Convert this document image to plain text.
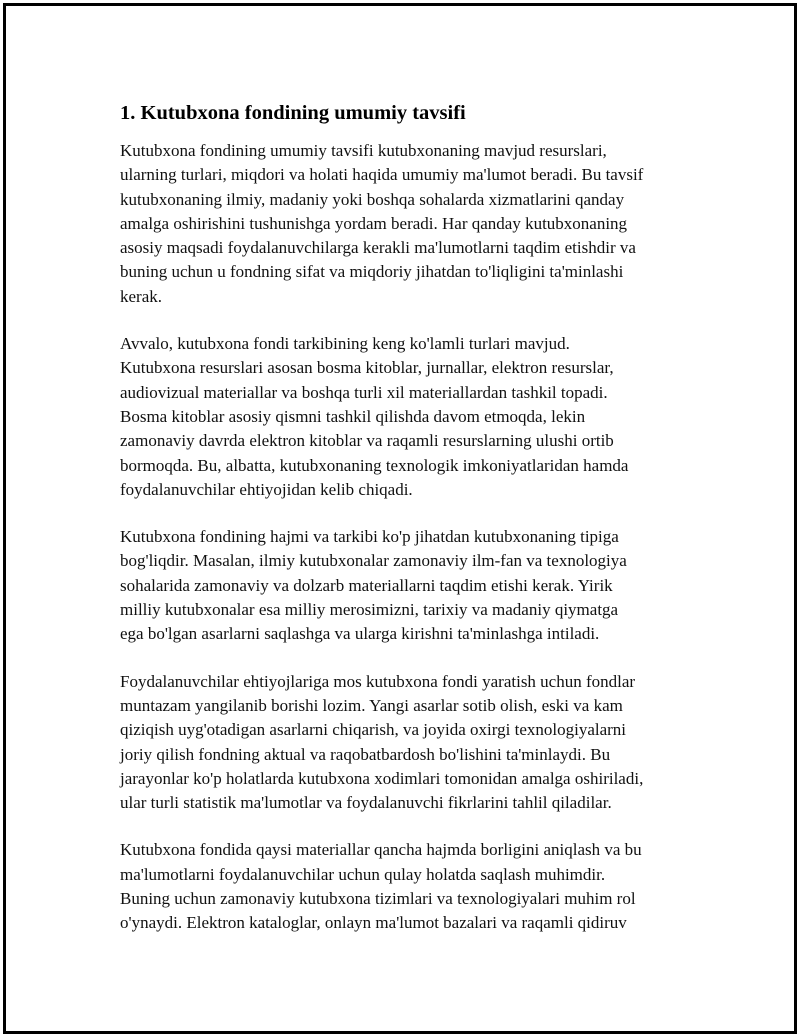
1. Kutubxona fondining umumiy tavsifi

Kutubxona fondining umumiy tavsifi kutubxonaning mavjud resurslari,
ularning turlari, miqdori va holati haqida umumiy ma'lumot beradi. Bu tavsif
kutubxonaning ilmiy, madaniy yoki boshqa sohalarda xizmatlarini qanday
amalga oshirishini tushunishga yordam beradi. Har qanday kutubxonaning
asosiy maqsadi foydalanuvchilarga kerakli ma'lumotlarni taqdim etishdir va
buning uchun u fondning sifat va miqdoriy jihatdan to'liqligini ta'minlashi
kerak.

Avvalo, kutubxona fondi tarkibining keng ko'lamli turlari mavjud.
Kutubxona resurslari asosan bosma kitoblar, jurnallar, elektron resurslar,
audiovizual materiallar va boshqa turli xil materiallardan tashkil topadi.
Bosma kitoblar asosiy qismni tashkil qilishda davom etmoqda, lekin
zamonaviy davrda elektron kitoblar va raqamli resurslarning ulushi ortib
bormoqda. Bu, albatta, kutubxonaning texnologik imkoniyatlaridan hamda
foydalanuvchilar ehtiyojidan kelib chiqadi.

Kutubxona fondining hajmi va tarkibi ko'p jihatdan kutubxonaning tipiga
bog'liqdir. Masalan, ilmiy kutubxonalar zamonaviy ilm-fan va texnologiya
sohalarida zamonaviy va dolzarb materiallarni taqdim etishi kerak. Yirik
milliy kutubxonalar esa milliy merosimizni, tarixiy va madaniy qiymatga
ega bo'lgan asarlarni saqlashga va ularga kirishni ta'minlashga intiladi.

Foydalanuvchilar ehtiyojlariga mos kutubxona fondi yaratish uchun fondlar
muntazam yangilanib borishi lozim. Yangi asarlar sotib olish, eski va kam
qiziqish uyg'otadigan asarlarni chiqarish, va joyida oxirgi texnologiyalarni
joriy qilish fondning aktual va raqobatbardosh bo'lishini ta'minlaydi. Bu
jarayonlar ko'p holatlarda kutubxona xodimlari tomonidan amalga oshiriladi,
ular turli statistik ma'lumotlar va foydalanuvchi fikrlarini tahlil qiladilar.

Kutubxona fondida qaysi materiallar qancha hajmda borligini aniqlash va bu
ma'lumotlarni foydalanuvchilar uchun qulay holatda saqlash muhimdir.
Buning uchun zamonaviy kutubxona tizimlari va texnologiyalari muhim rol
o'ynaydi. Elektron kataloglar, onlayn ma'lumot bazalari va raqamli qidiruv
